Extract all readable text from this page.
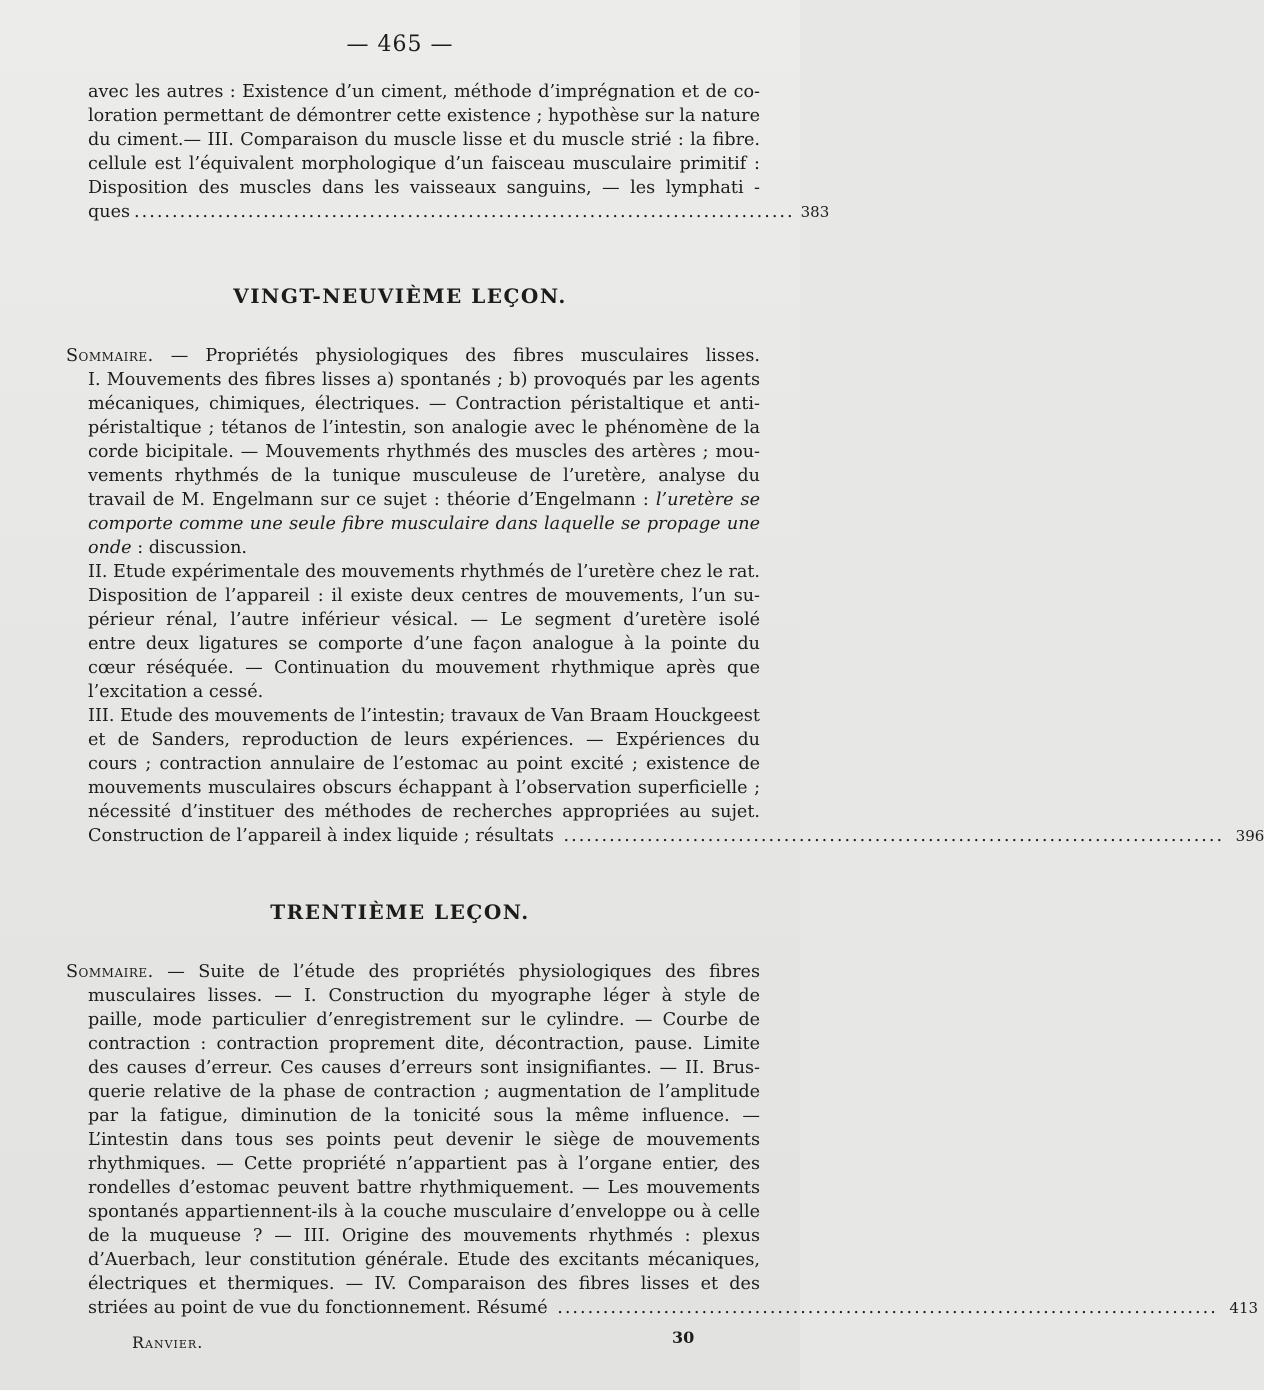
— 465 —
avec les autres : Existence d’un ciment, méthode d’imprégnation et de co-
loration permettant de démontrer cette existence ; hypothèse sur la nature
du ciment.— III. Comparaison du muscle lisse et du muscle strié : la fibre.
cellule est l’équivalent morphologique d’un faisceau musculaire primitif :
Disposition des muscles dans les vaisseaux sanguins, — les lymphati -
ques ....................................................................................... 383
VINGT-NEUVIÈME LEÇON.
Sommaire. — Propriétés physiologiques des fibres musculaires lisses.
I. Mouvements des fibres lisses a) spontanés ; b) provoqués par les agents
mécaniques, chimiques, électriques. — Contraction péristaltique et anti-
péristaltique ; tétanos de l’intestin, son analogie avec le phénomène de la
corde bicipitale. — Mouvements rhythmés des muscles des artères ; mou-
vements rhythmés de la tunique musculeuse de l’uretère, analyse du
travail de M. Engelmann sur ce sujet : théorie d’Engelmann : l’uretère se
comporte comme une seule fibre musculaire dans laquelle se propage une
onde : discussion.
II. Etude expérimentale des mouvements rhythmés de l’uretère chez le rat.
Disposition de l’appareil : il existe deux centres de mouvements, l’un su-
périeur rénal, l’autre inférieur vésical. — Le segment d’uretère isolé
entre deux ligatures se comporte d’une façon analogue à la pointe du
cœur réséquée. — Continuation du mouvement rhythmique après que
l’excitation a cessé.
III. Etude des mouvements de l’intestin; travaux de Van Braam Houckgeest
et de Sanders, reproduction de leurs expériences. — Expériences du
cours ; contraction annulaire de l’estomac au point excité ; existence de
mouvements musculaires obscurs échappant à l’observation superficielle ;
nécessité d’instituer des méthodes de recherches appropriées au sujet.
Construction de l’appareil à index liquide ; résultats ....................................................................................... 396
TRENTIÈME LEÇON.
Sommaire. — Suite de l’étude des propriétés physiologiques des fibres
musculaires lisses. — I. Construction du myographe léger à style de
paille, mode particulier d’enregistrement sur le cylindre. — Courbe de
contraction : contraction proprement dite, décontraction, pause. Limite
des causes d’erreur. Ces causes d’erreurs sont insignifiantes. — II. Brus-
querie relative de la phase de contraction ; augmentation de l’amplitude
par la fatigue, diminution de la tonicité sous la même influence. —
L’intestin dans tous ses points peut devenir le siège de mouvements
rhythmiques. — Cette propriété n’appartient pas à l’organe entier, des
rondelles d’estomac peuvent battre rhythmiquement. — Les mouvements
spontanés appartiennent-ils à la couche musculaire d’enveloppe ou à celle
de la muqueuse ? — III. Origine des mouvements rhythmés : plexus
d’Auerbach, leur constitution générale. Etude des excitants mécaniques,
électriques et thermiques. — IV. Comparaison des fibres lisses et des
striées au point de vue du fonctionnement. Résumé ....................................................................................... 413
Ranvier.	30
